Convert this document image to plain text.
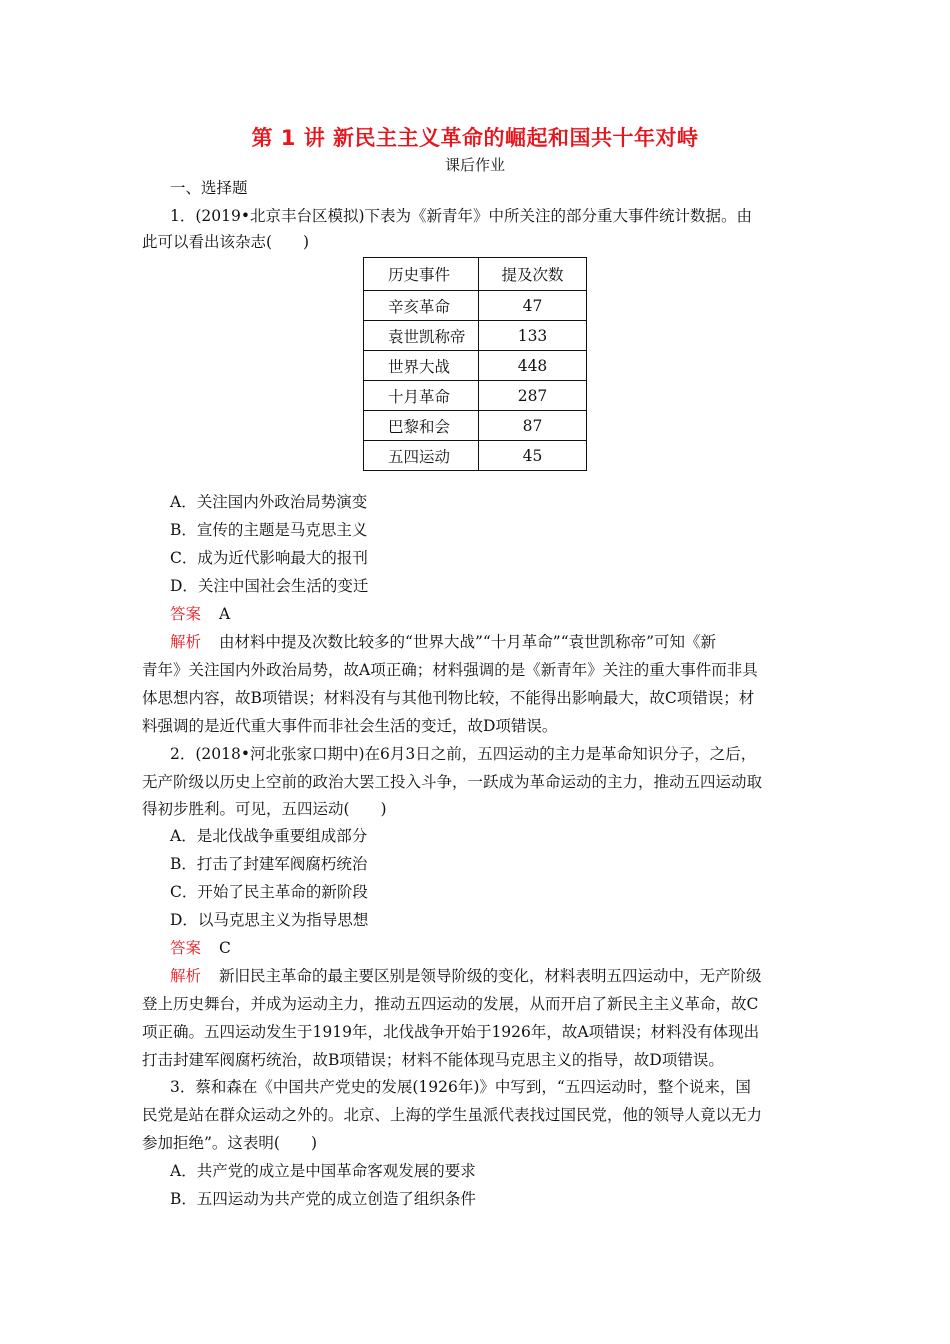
第 1 讲 新民主主义革命的崛起和国共十年对峙
课后作业
一、选择题
1．(2019•北京丰台区模拟)下表为《新青年》中所关注的部分重大事件统计数据。由
此可以看出该杂志(　　)
历史事件	提及次数
辛亥革命	47
袁世凯称帝	133
世界大战	448
十月革命	287
巴黎和会	87
五四运动	45
A．关注国内外政治局势演变
B．宣传的主题是马克思主义
C．成为近代影响最大的报刊
D．关注中国社会生活的变迁
答案 A
解析 由材料中提及次数比较多的“世界大战”“十月革命”“袁世凯称帝”可知《新
青年》关注国内外政治局势，故A项正确；材料强调的是《新青年》关注的重大事件而非具
体思想内容，故B项错误；材料没有与其他刊物比较，不能得出影响最大，故C项错误；材
料强调的是近代重大事件而非社会生活的变迁，故D项错误。
2．(2018•河北张家口期中)在6月3日之前，五四运动的主力是革命知识分子，之后，
无产阶级以历史上空前的政治大罢工投入斗争，一跃成为革命运动的主力，推动五四运动取
得初步胜利。可见，五四运动(　　)
A．是北伐战争重要组成部分
B．打击了封建军阀腐朽统治
C．开始了民主革命的新阶段
D．以马克思主义为指导思想
答案 C
解析 新旧民主革命的最主要区别是领导阶级的变化，材料表明五四运动中，无产阶级
登上历史舞台，并成为运动主力，推动五四运动的发展，从而开启了新民主主义革命，故C
项正确。五四运动发生于1919年，北伐战争开始于1926年，故A项错误；材料没有体现出
打击封建军阀腐朽统治，故B项错误；材料不能体现马克思主义的指导，故D项错误。
3．蔡和森在《中国共产党史的发展(1926年)》中写到，“五四运动时，整个说来，国
民党是站在群众运动之外的。北京、上海的学生虽派代表找过国民党，他的领导人竟以无力
参加拒绝”。这表明(　　)
A．共产党的成立是中国革命客观发展的要求
B．五四运动为共产党的成立创造了组织条件
